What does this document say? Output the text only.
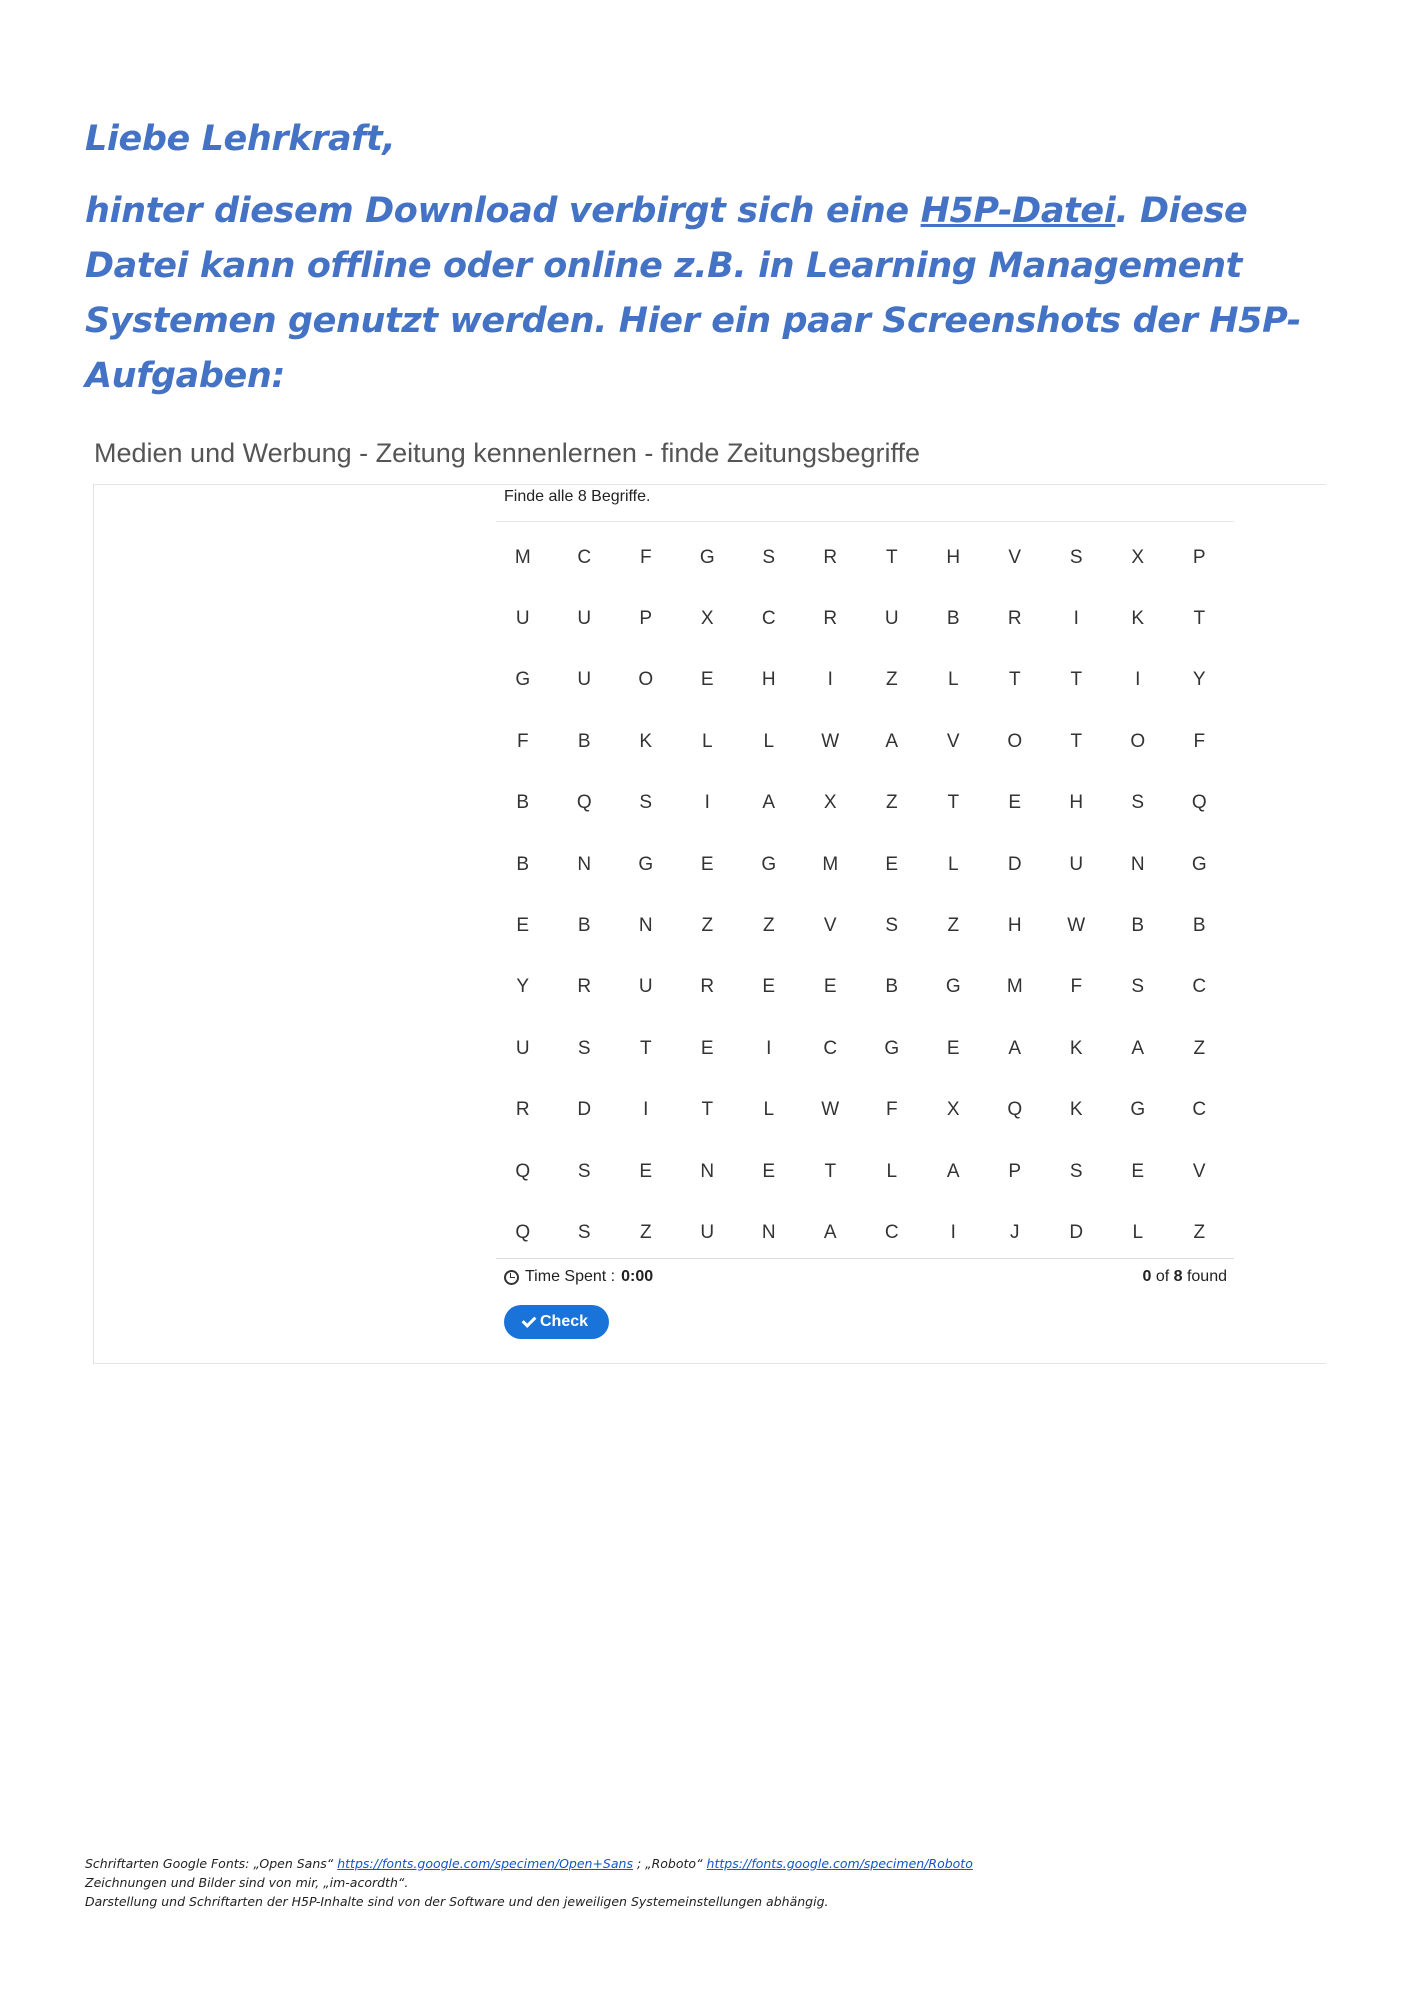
Liebe Lehrkraft,

hinter diesem Download verbirgt sich eine H5P-Datei. Diese Datei kann offline oder online z.B. in Learning Management Systemen genutzt werden. Hier ein paar Screenshots der H5P-Aufgaben:

Medien und Werbung - Zeitung kennenlernen - finde Zeitungsbegriffe
Finde alle 8 Begriffe.
M	C	F	G	S	R	T	H	V	S	X	P
U	U	P	X	C	R	U	B	R	I	K	T
G	U	O	E	H	I	Z	L	T	T	I	Y
F	B	K	L	L	W	A	V	O	T	O	F
B	Q	S	I	A	X	Z	T	E	H	S	Q
B	N	G	E	G	M	E	L	D	U	N	G
E	B	N	Z	Z	V	S	Z	H	W	B	B
Y	R	U	R	E	E	B	G	M	F	S	C
U	S	T	E	I	C	G	E	A	K	A	Z
R	D	I	T	L	W	F	X	Q	K	G	C
Q	S	E	N	E	T	L	A	P	S	E	V
Q	S	Z	U	N	A	C	I	J	D	L	Z
Time Spent : 0:00	0 of 8 found
Check

Schriftarten Google Fonts: „Open Sans“ https://fonts.google.com/specimen/Open+Sans ; „Roboto“ https://fonts.google.com/specimen/Roboto

Zeichnungen und Bilder sind von mir, „im-acordth“.

Darstellung und Schriftarten der H5P-Inhalte sind von der Software und den jeweiligen Systemeinstellungen abhängig.
